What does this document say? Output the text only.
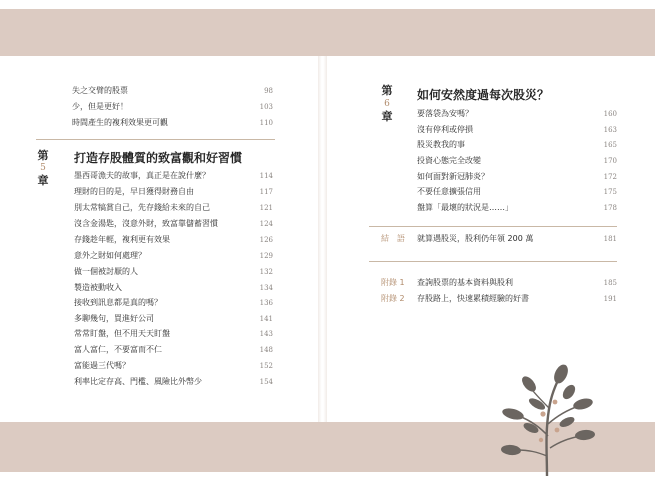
失之交臂的股票	98
少，但是更好！	103
時間產生的複利效果更可觀	110
第
5
章
打造存股體質的致富觀和好習慣
墨西哥漁夫的故事，真正是在說什麼？	114
理財的目的是，早日獲得財務自由	117
別太常犒賞自己，先存錢給未來的自己	121
沒含金湯匙，沒意外財，致富靠儲蓄習慣	124
存錢趁年輕，複利更有效果	126
意外之財如何處理？	129
做一個被討厭的人	132
製造被動收入	134
接收到訊息都是真的嗎？	136
多聊幾句，買進好公司	141
常常盯盤，但不用天天盯盤	143
富人富仁，不要富而不仁	148
富能過三代嗎？	152
利率比定存高、門檻、風險比外幣少	154
第
6
章
如何安然度過每次股災？
要落袋為安嗎？	160
沒有停利或停損	163
股災教我的事	165
投資心態完全改變	170
如何面對新冠肺炎？	172
不要任意擴張信用	175
盤算「最壞的狀況是……」	178
結　語 就算遇股災，股利仍年領 200 萬	181
附錄 1 查詢股票的基本資料與股利	185
附錄 2 存股路上，快速累積經驗的好書	191
